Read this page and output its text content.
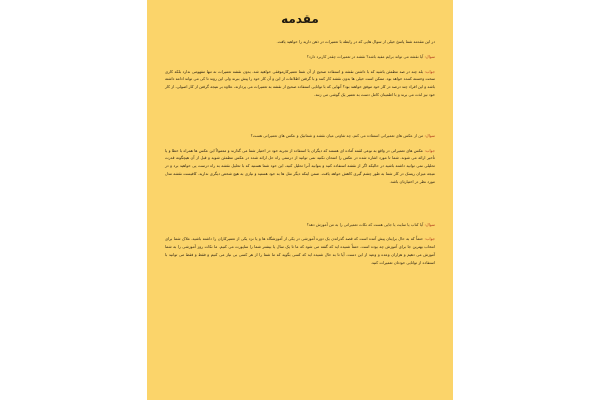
مقدمه

در این مقدمه شما پاسخ خیلی از سوال هایی که در رابطه با تعمیرات در ذهن دارید را خواهید یافت.

سوال: آیا نقشه می تواند برایم مفید باشد؟ نقشه در تعمیرات چقدر کاربرد دارد؟

جواب: بله چند در صد مطمئن باشید که با داشتن نقشه و استفاده صحیح از آن شما تعمیرکارموفقی خواهید شد. بدون نقشه تعمیرات نه تنها مفهومی ندارد بلکه کاری سخت وخسته کننده خواهد بود. ممکن است خیلی ها بدون نقشه کار کنند و با گرفتن اطلاعات از این و آن کار خود را پیش ببرند ولی این روند تا کی می تواند ادامه داشته باشد و این افراد چند درصد در کار خود موفق خواهند بود؟ آنهایی که با توانایی استفاده صحیح از نقشه به تعمیرات می پردازند، علاوه بر نتیجه گرفتن از کار اصولی، از کار خود نیز لذت می برند و با اطمینان کامل دست به تعمیر یک گوشی می زنند.

سوال: من از عکس های تعمیراتی استفاده می کنم، چه تفاوتی میان نقشه و شماتیک و عکس های تعمیراتی هست؟

جواب: عکس های تعمیراتی در واقع به نوعی لقمه آماده ای هستند که دیگران با استفاده از تجربه خود در اختیار شما می گذارند و معمولاً این عکس ها همراه با خطا و یا تأخیر ارائه می شوند. شما تا مورد اشاره شده در عکس را امتحان نکنید نمی توانید از درستی راه حل ارائه شده در عکس مطمئن شوید و قبل از آن هیچگونه قدرت تحلیلی نمی توانید داشته باشید در حالیکه اگر از نقشه استفاده کنید و بتوانید آنرا تحلیل کنید، این خود شما هستید که با تحلیل نقشه به راه درست پی خواهید برد و در نتیجه میزان ریسک در کار شما به طور چشم گیری کاهش خواهد یافت. ضمن اینکه دیگر مثل ها به خود هستید و نیازی به هیچ شخص دیگری ندارید. کافیست نقشه مدل مورد نظر در اختیارتان باشد.

سوال: آیا کتاب یا سایت یا جایی هست که نکات تعمیراتی را به من آموزش دهد؟

جواب: حتماً که به حال برایتان پیش آمده است که قصد گذراندن یک دوره آموزشی در یکی از آموزشگاه ها و یا نزد یکی از تعمیرکاران را داشته باشید. ملاک شما برای انتخاب بهترین جا برای آموزش چه بوده است. حتماً شنیده اید که گفته می شود که ما تا یک سال یا بیشتر شما را ساپورت می کنیم. ما نکات روز آموزشی را به شما آموزش می دهیم و هزاران وعده و وعید از این دست. آیا تا به حال شنیده اید که کسی بگوید که ما شما را از هر کسی بی نیاز می کنیم و فقط و فقط می توانید با استفاده از توانایی خودتان تعمیرات کنید.
